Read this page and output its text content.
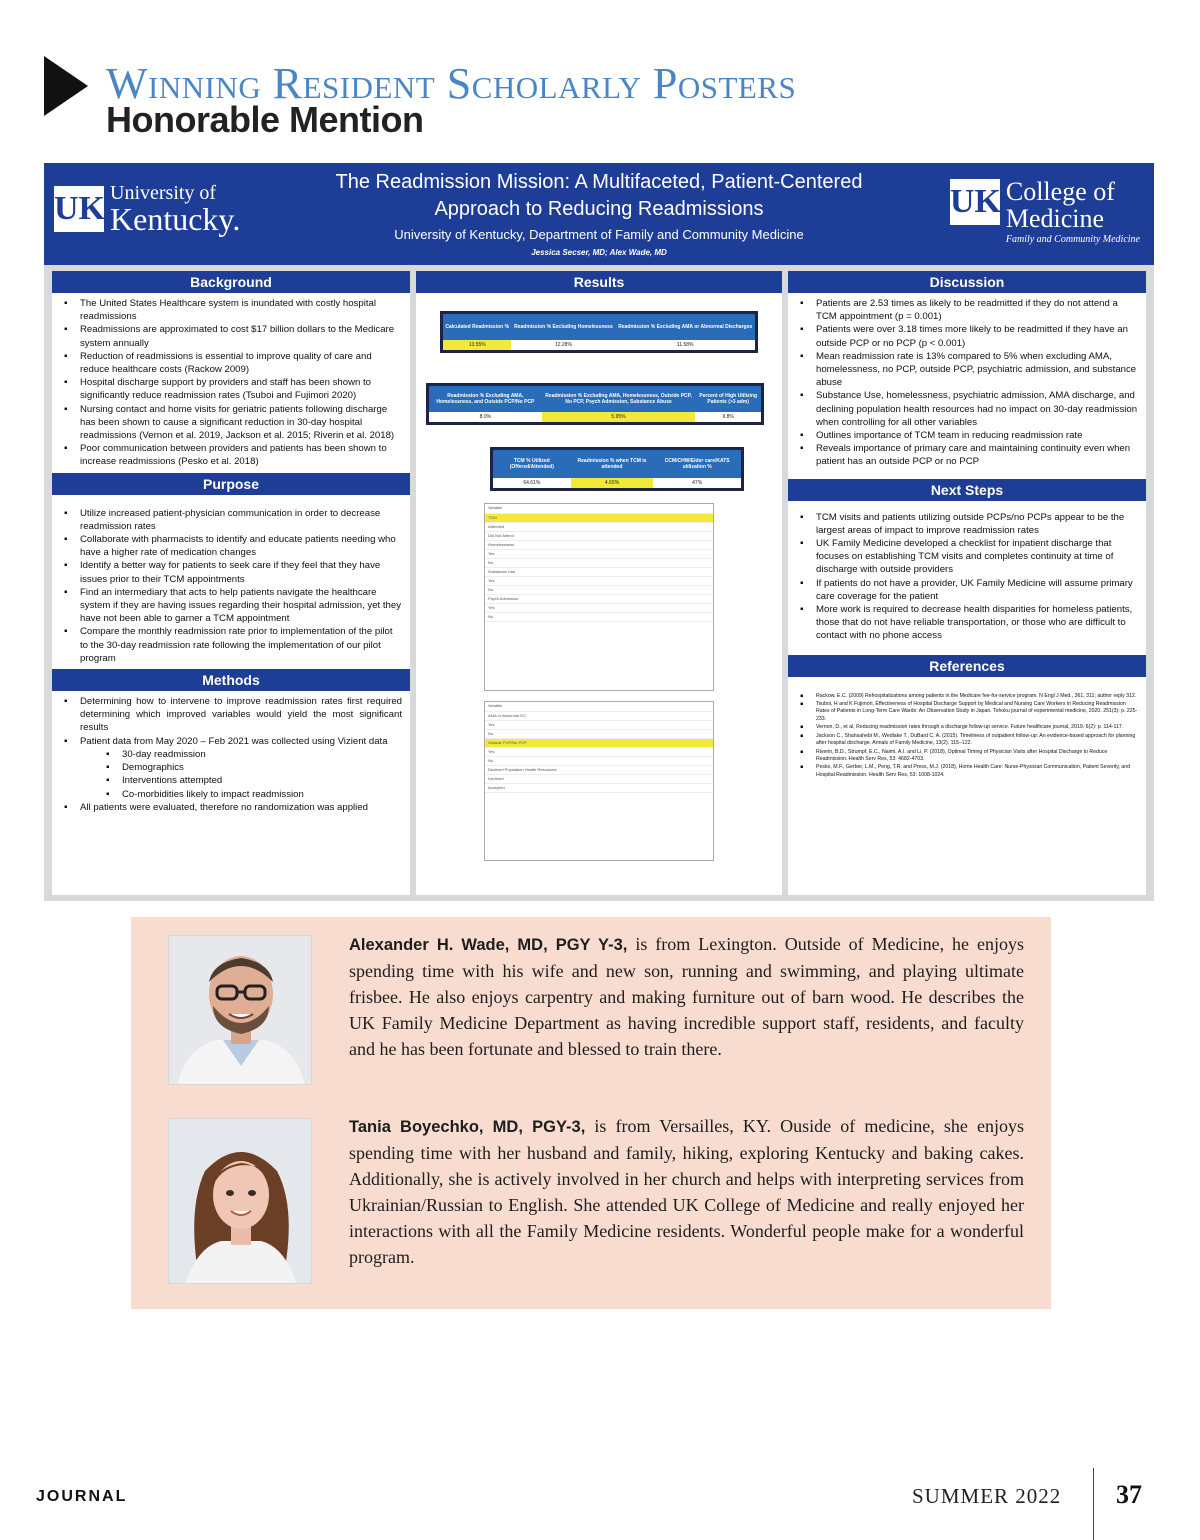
Winning Resident Scholarly Posters
Honorable Mention
UK University of
Kentucky.
The Readmission Mission: A Multifaceted, Patient-Centered
Approach to Reducing Readmissions
University of Kentucky, Department of Family and Community Medicine
Jessica Secser, MD; Alex Wade, MD
UK College of
Medicine
Family and Community Medicine
Background
▪ The United States Healthcare system is inundated with costly hospital readmissions
▪ Readmissions are approximated to cost $17 billion dollars to the Medicare system annually
▪ Reduction of readmissions is essential to improve quality of care and reduce healthcare costs (Rackow 2009)
▪ Hospital discharge support by providers and staff has been shown to significantly reduce readmission rates (Tsuboi and Fujimori 2020)
▪ Nursing contact and home visits for geriatric patients following discharge has been shown to cause a significant reduction in 30-day hospital readmissions (Vernon et al. 2019, Jackson et al. 2015; Riverin et al. 2018)
▪ Poor communication between providers and patients has been shown to increase readmissions (Pesko et al. 2018)
Purpose
▪ Utilize increased patient-physician communication in order to decrease readmission rates
▪ Collaborate with pharmacists to identify and educate patients needing who have a higher rate of medication changes
▪ Identify a better way for patients to seek care if they feel that they have issues prior to their TCM appointments
▪ Find an intermediary that acts to help patients navigate the healthcare system if they are having issues regarding their hospital admission, yet they have not been able to garner a TCM appointment
▪ Compare the monthly readmission rate prior to implementation of the pilot to the 30-day readmission rate following the implementation of our pilot program
Methods
▪ Determining how to intervene to improve readmission rates first required determining which improved variables would yield the most significant results
▪ Patient data from May 2020 – Feb 2021 was collected using Vizient data
▪ 30-day readmission
▪ Demographics
▪ Interventions attempted
▪ Co-morbidities likely to impact readmission
▪ All patients were evaluated, therefore no randomization was applied
Results
Calculated Readmission %	Readmission % Excluding Homelessness	Readmission % Excluding AMA or Abnormal Discharges
13.55%	12.28%	11.58%
Readmission % Excluding AMA, Homelessness, and Outside PCP/No PCP	Readmission % Excluding AMA, Homelessness, Outside PCP, No PCP, Psych Admission, Substance Abuse	Percent of High Utilizing Patients (>3 adm)
8.0%	5.95%	9.8%
TCM % Utilized (Offered/Attended)	Readmission % when TCM is attended	CCM/CHW/Elder care/KATS utilization %
64.61%	4.65%	47%
Variable
TCM
Attended
Did Not Attend
Homelessness
Yes
No
Substance Use
Yes
No
Psych Admission
Yes
No
Variable
AMA or Abnormal DC
Yes
No
Outside PCP/No PCP
Yes
No
Declined Population Health Resources
Declined
Accepted
Discussion
▪ Patients are 2.53 times as likely to be readmitted if they do not attend a TCM appointment (p = 0.001)
▪ Patients were over 3.18 times more likely to be readmitted if they have an outside PCP or no PCP (p < 0.001)
▪ Mean readmission rate is 13% compared to 5% when excluding AMA, homelessness, no PCP, outside PCP, psychiatric admission, and substance abuse
▪ Substance Use, homelessness, psychiatric admission, AMA discharge, and declining population health resources had no impact on 30-day readmission when controlling for all other variables
▪ Outlines importance of TCM team in reducing readmission rate
▪ Reveals importance of primary care and maintaining continuity even when patient has an outside PCP or no PCP
Next Steps
▪ TCM visits and patients utilizing outside PCPs/no PCPs appear to be the largest areas of impact to improve readmission rates
▪ UK Family Medicine developed a checklist for inpatient discharge that focuses on establishing TCM visits and completes continuity at time of discharge with outside providers
▪ If patients do not have a provider, UK Family Medicine will assume primary care coverage for the patient
▪ More work is required to decrease health disparities for homeless patients, those that do not have reliable transportation, or those who are difficult to contact with no phone access
References
▪ Rackow, E.C. (2009) Rehospitalizations among patients in the Medicare fee-for-service program. N Engl J Med., 361, 311; author reply 312.
▪ Tsuboi, H and K Fujimori, Effectiveness of Hospital Discharge Support by Medical and Nursing Care Workers in Reducing Readmission Rates of Patients in Long-Term Care Wards: An Observation Study in Japan. Tohoku journal of experimental medicine, 2020. 251(3): p. 225-233.
▪ Vernon, D., et al, Reducing readmission rates through a discharge follow-up service. Future healthcare journal, 2019. 6(2): p. 114-117.
▪ Jackson C., Shahsahebi M., Wedlake T., DuBard C. A. (2015). Timeliness of outpatient follow-up: An evidence-based approach for planning after hospital discharge. Annals of Family Medicine, 13(2), 115–122.
▪ Riverin, B.D., Strumpf, E.C., Naimi, A.I. and Li, P. (2018), Optimal Timing of Physician Visits after Hospital Discharge to Reduce Readmission. Health Serv Res, 53: 4682-4703.
▪ Pesko, M.F., Gerber, L.M., Peng, T.R. and Press, M.J. (2018), Home Health Care: Nurse-Physician Communication, Patient Severity, and Hospital Readmission. Health Serv Res, 53: 1008-1024.
Alexander H. Wade, MD, PGY Y-3, is from Lexington. Outside of Medicine, he enjoys spending time with his wife and new son, running and swimming, and playing ultimate frisbee. He also enjoys carpentry and making furniture out of barn wood. He describes the UK Family Medicine Department as having incredible support staff, residents, and faculty and he has been fortunate and blessed to train there.
Tania Boyechko, MD, PGY-3, is from Versailles, KY. Ouside of medicine, she enjoys spending time with her husband and family, hiking, exploring Kentucky and baking cakes. Additionally, she is actively involved in her church and helps with interpreting services from Ukrainian/Russian to English. She attended UK College of Medicine and really enjoyed her interactions with all the Family Medicine residents. Wonderful people make for a wonderful program.
JOURNAL	SUMMER 2022 37
